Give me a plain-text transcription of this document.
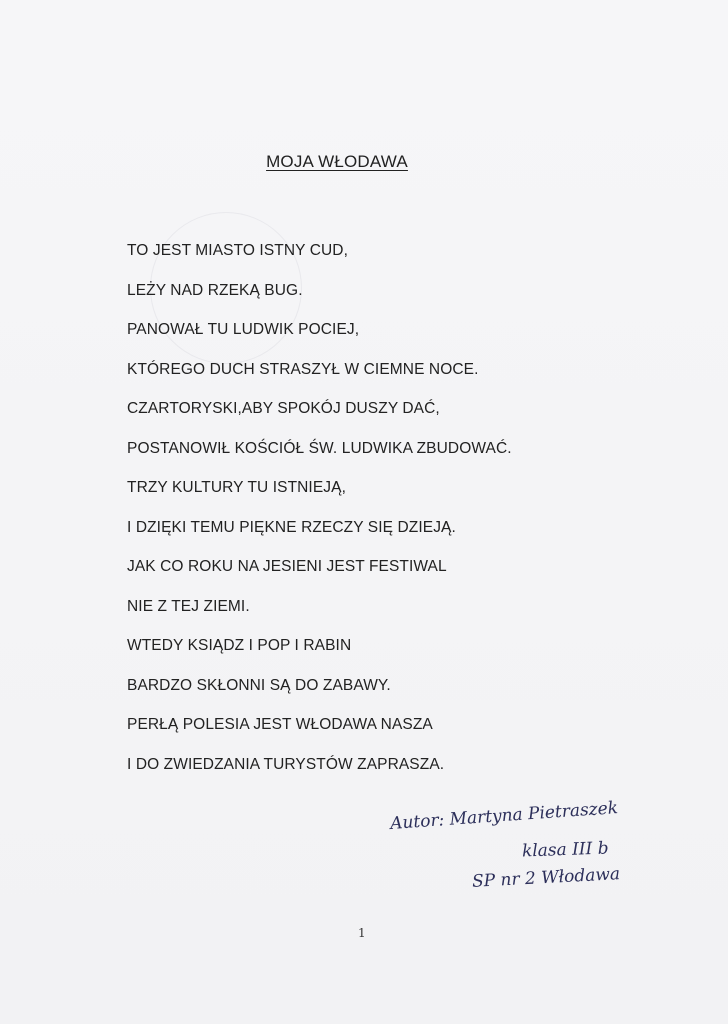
MOJA WŁODAWA
TO JEST MIASTO ISTNY CUD,
LEŻY NAD RZEKĄ BUG.
PANOWAŁ TU LUDWIK POCIEJ,
KTÓREGO DUCH STRASZYŁ W CIEMNE NOCE.
CZARTORYSKI,ABY SPOKÓJ DUSZY DAĆ,
POSTANOWIŁ KOŚCIÓŁ ŚW. LUDWIKA ZBUDOWAĆ.
TRZY KULTURY TU ISTNIEJĄ,
I DZIĘKI TEMU PIĘKNE RZECZY SIĘ DZIEJĄ.
JAK CO ROKU NA JESIENI JEST FESTIWAL
NIE Z TEJ ZIEMI.
WTEDY KSIĄDZ I POP I RABIN
BARDZO SKŁONNI SĄ DO ZABAWY.
PERŁĄ POLESIA JEST WŁODAWA NASZA
I DO ZWIEDZANIA TURYSTÓW ZAPRASZA.
Autor: Martyna Pietraszek
klasa III b
SP nr 2 Włodawa
1
